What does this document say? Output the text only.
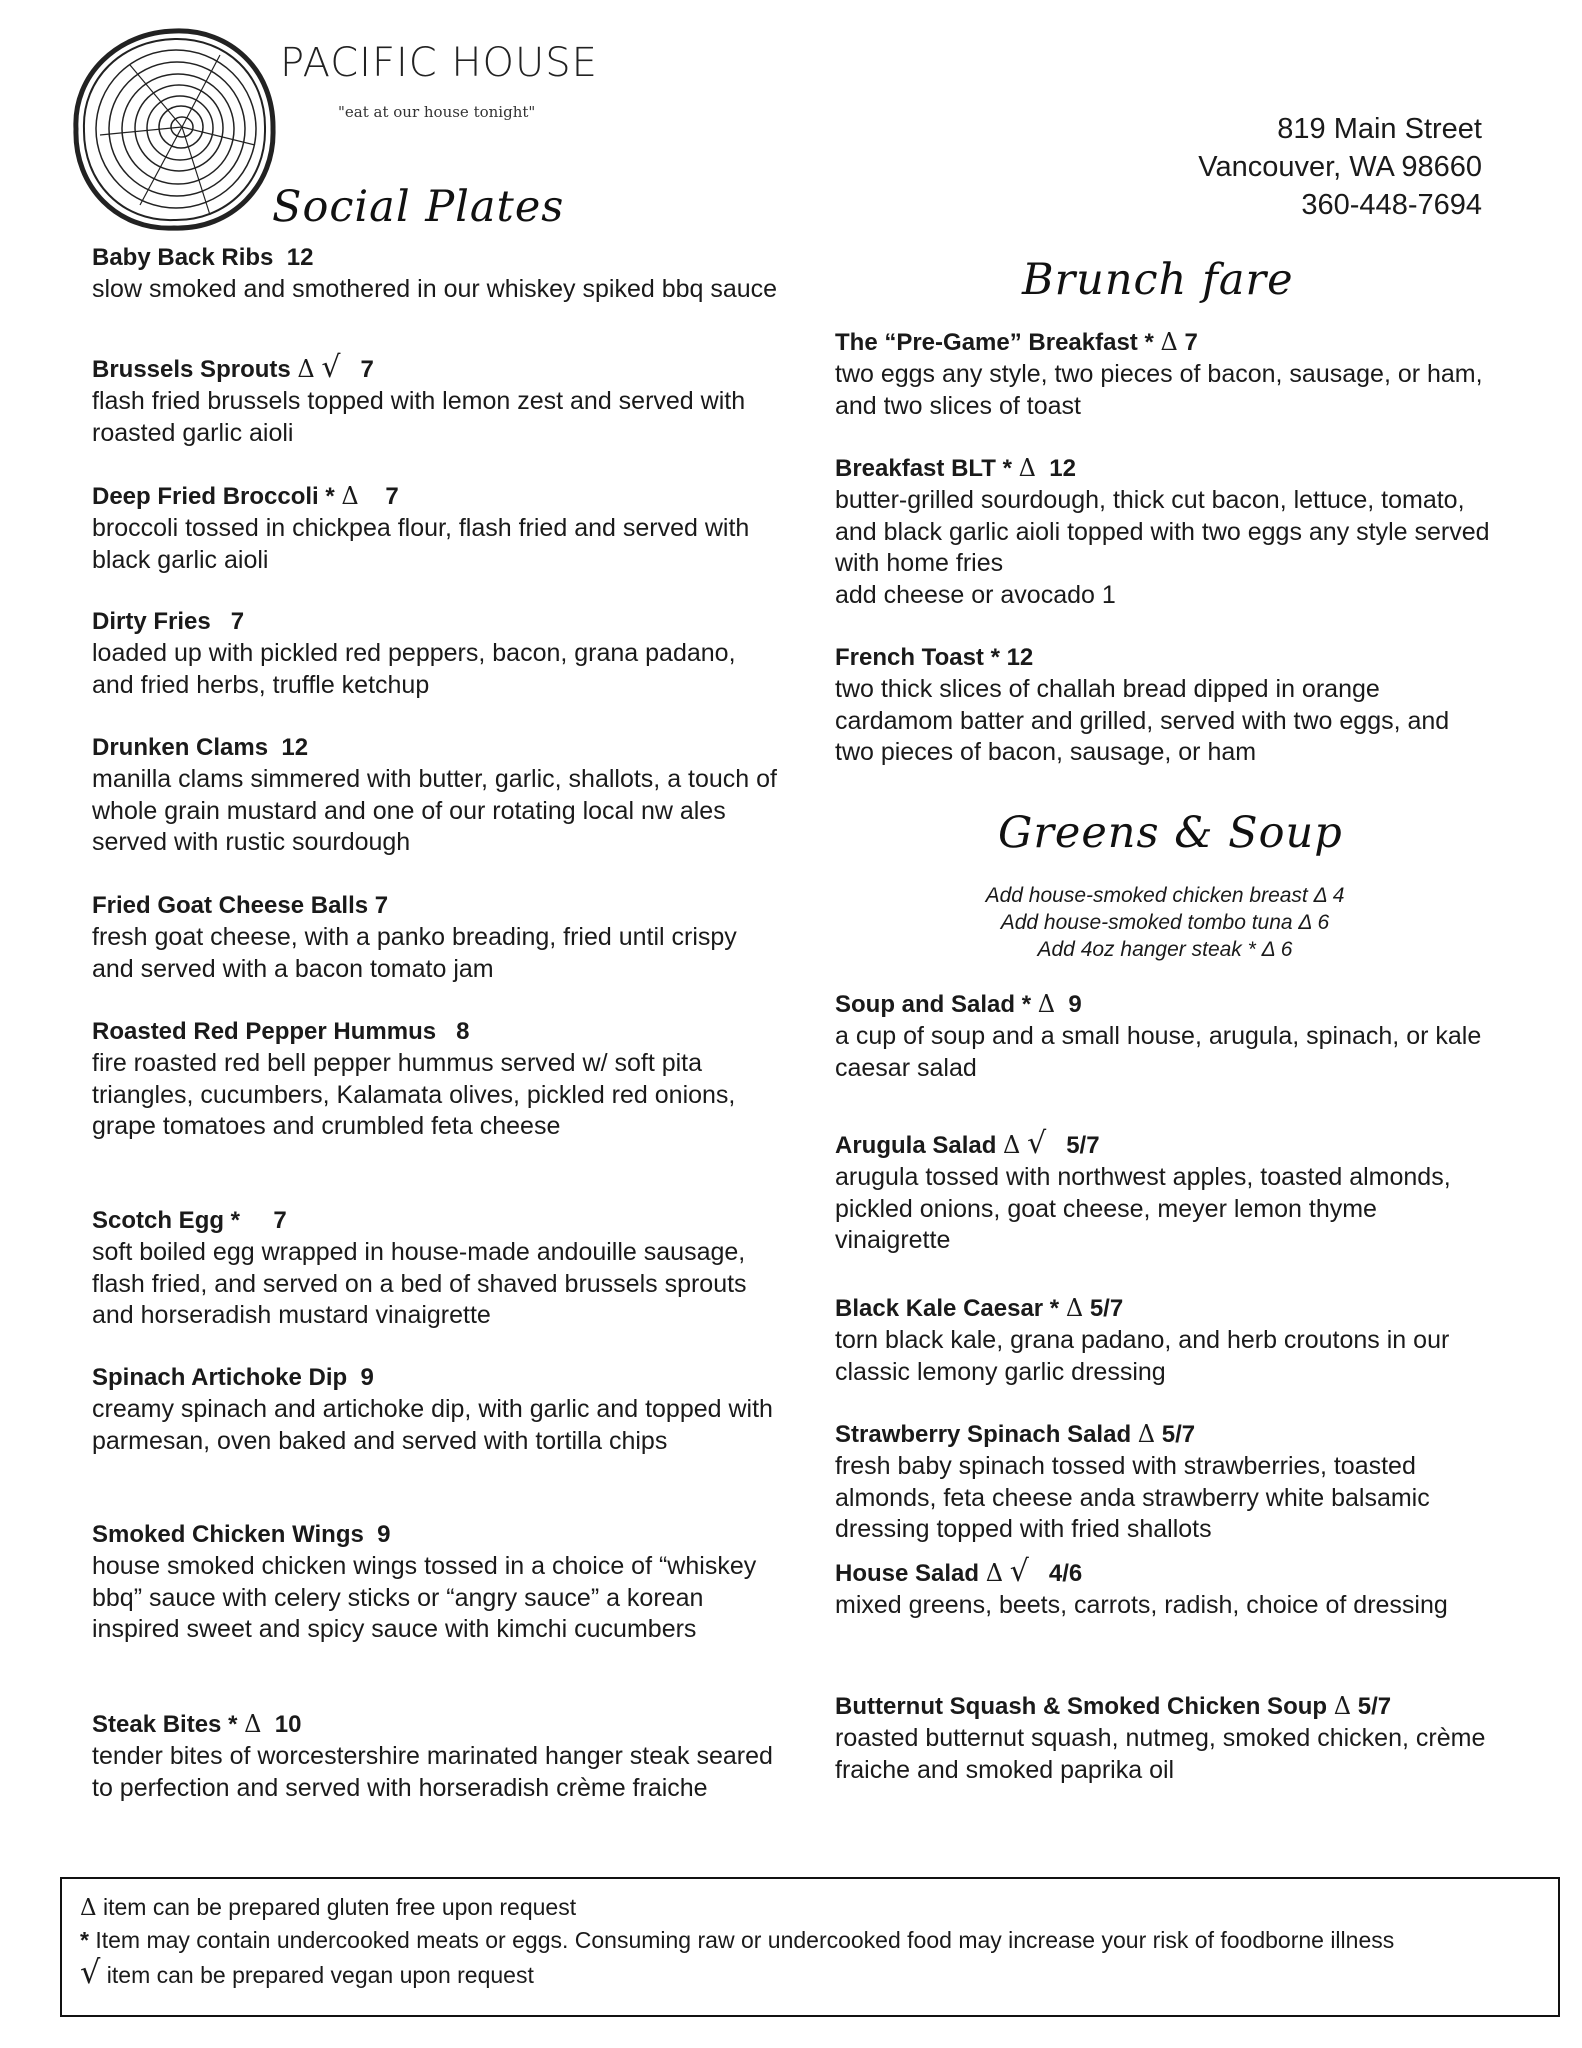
PACIFIC HOUSE
"eat at our house tonight"
819 Main Street
Vancouver, WA 98660
360-448-7694
Social Plates
Brunch fare
Greens & Soup
Baby Back Ribs  12
slow smoked and smothered in our whiskey spiked bbq sauce
Brussels Sprouts Δ √   7
flash fried brussels topped with lemon zest and served with roasted garlic aioli
Deep Fried Broccoli * Δ    7
broccoli tossed in chickpea flour, flash fried and served with black garlic aioli
Dirty Fries   7
loaded up with pickled red peppers, bacon, grana padano, and fried herbs, truffle ketchup
Drunken Clams  12
manilla clams simmered with butter, garlic, shallots, a touch of whole grain mustard and one of our rotating local nw ales served with rustic sourdough
Fried Goat Cheese Balls 7
fresh goat cheese, with a panko breading, fried until crispy and served with a bacon tomato jam
Roasted Red Pepper Hummus   8
fire roasted red bell pepper hummus served w/ soft pita triangles, cucumbers, Kalamata olives, pickled red onions, grape tomatoes and crumbled feta cheese
Scotch Egg *     7
soft boiled egg wrapped in house-made andouille sausage, flash fried, and served on a bed of shaved brussels sprouts and horseradish mustard vinaigrette
Spinach Artichoke Dip  9
creamy spinach and artichoke dip, with garlic and topped with parmesan, oven baked and served with tortilla chips
Smoked Chicken Wings  9
house smoked chicken wings tossed in a choice of “whiskey bbq” sauce with celery sticks or “angry sauce” a korean inspired sweet and spicy sauce with kimchi cucumbers
Steak Bites * Δ  10
tender bites of worcestershire marinated hanger steak seared to perfection and served with horseradish crème fraiche
The “Pre-Game” Breakfast * Δ 7
two eggs any style, two pieces of bacon, sausage, or ham, and two slices of toast
Breakfast BLT * Δ  12
butter-grilled sourdough, thick cut bacon, lettuce, tomato, and black garlic aioli topped with two eggs any style served with home fries
add cheese or avocado 1
French Toast * 12
two thick slices of challah bread dipped in orange cardamom batter and grilled, served with two eggs, and two pieces of bacon, sausage, or ham
Add house-smoked chicken breast Δ 4
Add house-smoked tombo tuna Δ 6
Add 4oz hanger steak * Δ 6
Soup and Salad * Δ  9
a cup of soup and a small house, arugula, spinach, or kale caesar salad
Arugula Salad Δ √   5/7
arugula tossed with northwest apples, toasted almonds, pickled onions, goat cheese, meyer lemon thyme vinaigrette
Black Kale Caesar * Δ 5/7
torn black kale, grana padano, and herb croutons in our classic lemony garlic dressing
Strawberry Spinach Salad Δ 5/7
fresh baby spinach tossed with strawberries, toasted almonds, feta cheese anda strawberry white balsamic dressing topped with fried shallots
House Salad Δ √   4/6
mixed greens, beets, carrots, radish, choice of dressing
Butternut Squash & Smoked Chicken Soup Δ 5/7
roasted butternut squash, nutmeg, smoked chicken, crème fraiche and smoked paprika oil
Δ item can be prepared gluten free upon request
* Item may contain undercooked meats or eggs. Consuming raw or undercooked food may increase your risk of foodborne illness
√ item can be prepared vegan upon request
